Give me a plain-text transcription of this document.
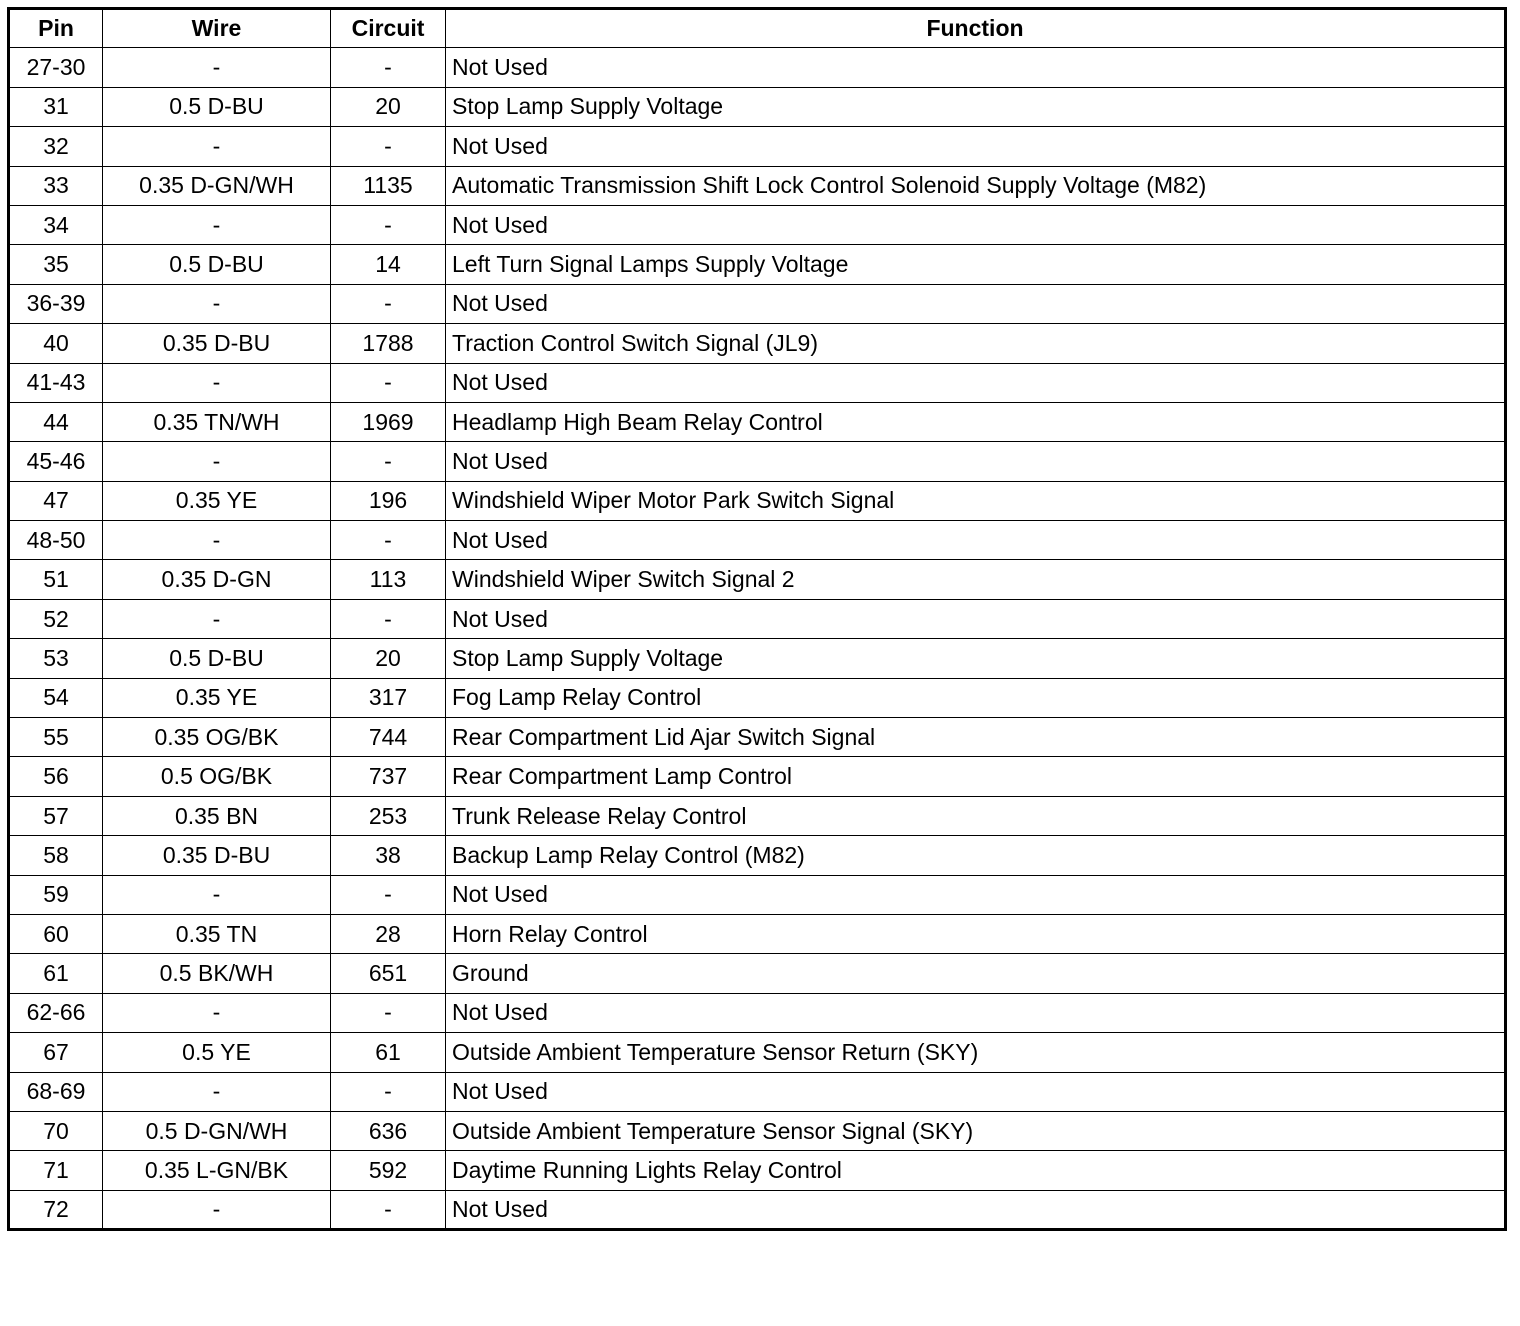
Pin	Wire	Circuit	Function
27-30	-	-	Not Used
31	0.5 D-BU	20	Stop Lamp Supply Voltage
32	-	-	Not Used
33	0.35 D-GN/WH	1135	Automatic Transmission Shift Lock Control Solenoid Supply Voltage (M82)
34	-	-	Not Used
35	0.5 D-BU	14	Left Turn Signal Lamps Supply Voltage
36-39	-	-	Not Used
40	0.35 D-BU	1788	Traction Control Switch Signal (JL9)
41-43	-	-	Not Used
44	0.35 TN/WH	1969	Headlamp High Beam Relay Control
45-46	-	-	Not Used
47	0.35 YE	196	Windshield Wiper Motor Park Switch Signal
48-50	-	-	Not Used
51	0.35 D-GN	113	Windshield Wiper Switch Signal 2
52	-	-	Not Used
53	0.5 D-BU	20	Stop Lamp Supply Voltage
54	0.35 YE	317	Fog Lamp Relay Control
55	0.35 OG/BK	744	Rear Compartment Lid Ajar Switch Signal
56	0.5 OG/BK	737	Rear Compartment Lamp Control
57	0.35 BN	253	Trunk Release Relay Control
58	0.35 D-BU	38	Backup Lamp Relay Control (M82)
59	-	-	Not Used
60	0.35 TN	28	Horn Relay Control
61	0.5 BK/WH	651	Ground
62-66	-	-	Not Used
67	0.5 YE	61	Outside Ambient Temperature Sensor Return (SKY)
68-69	-	-	Not Used
70	0.5 D-GN/WH	636	Outside Ambient Temperature Sensor Signal (SKY)
71	0.35 L-GN/BK	592	Daytime Running Lights Relay Control
72	-	-	Not Used
